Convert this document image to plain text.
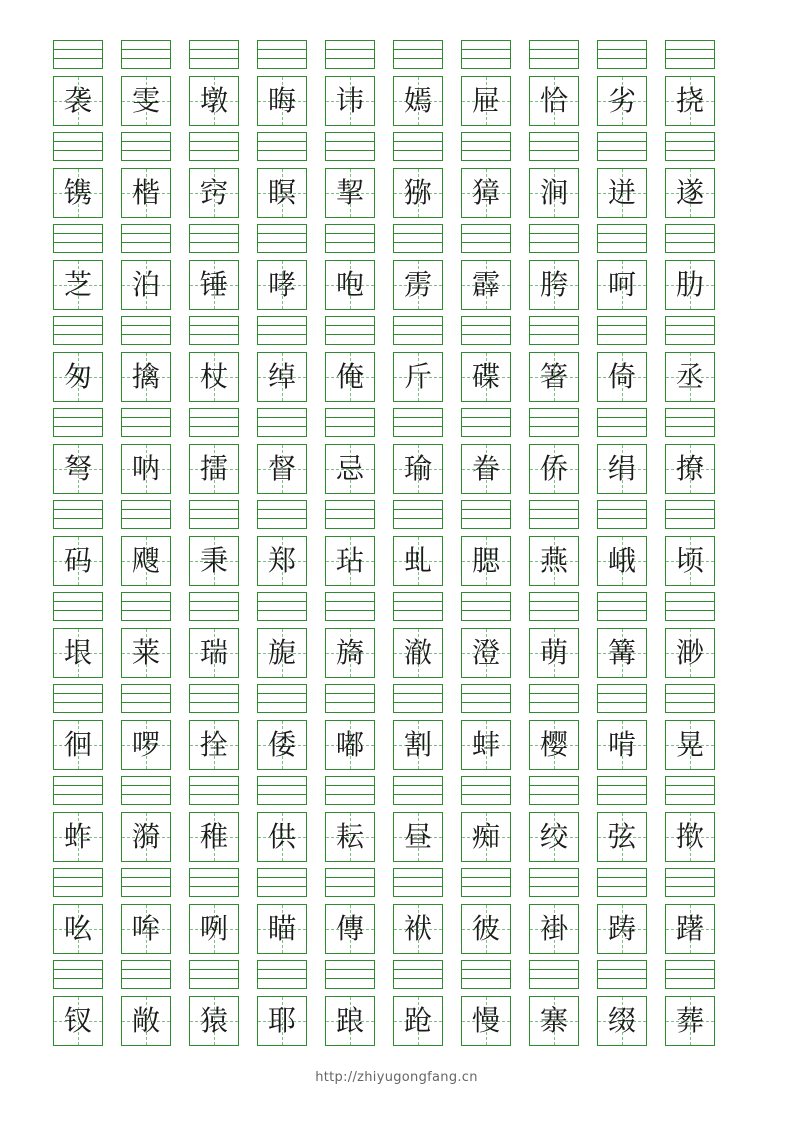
袭	雯	墩	晦	讳	嫣	屉	恰	劣	挠
镌	楷	窍	瞑	挈	猕	獐	涧	迸	遂
芝	泊	锤	哮	咆	雳	霹	胯	呵	肋
匆	擒	杖	绰	俺	斤	碟	箸	倚	丞
弩	呐	擂	督	忌	瑜	眷	侨	绢	撩
码	飕	秉	郑	玷	虬	腮	燕	峨	顷
垠	莱	瑞	旎	旖	澈	澄	萌	篝	渺
徊	啰	拴	倭	嘟	割	蚌	樱	啃	晃
蚱	漪	稚	供	耘	昼	痴	绞	弦	揿
吆	哞	咧	瞄	傳	袱	彼	褂	踌	躇
钗	敞	猿	耶	踉	跄	慢	寨	缀	葬
http://zhiyugongfang.cn
